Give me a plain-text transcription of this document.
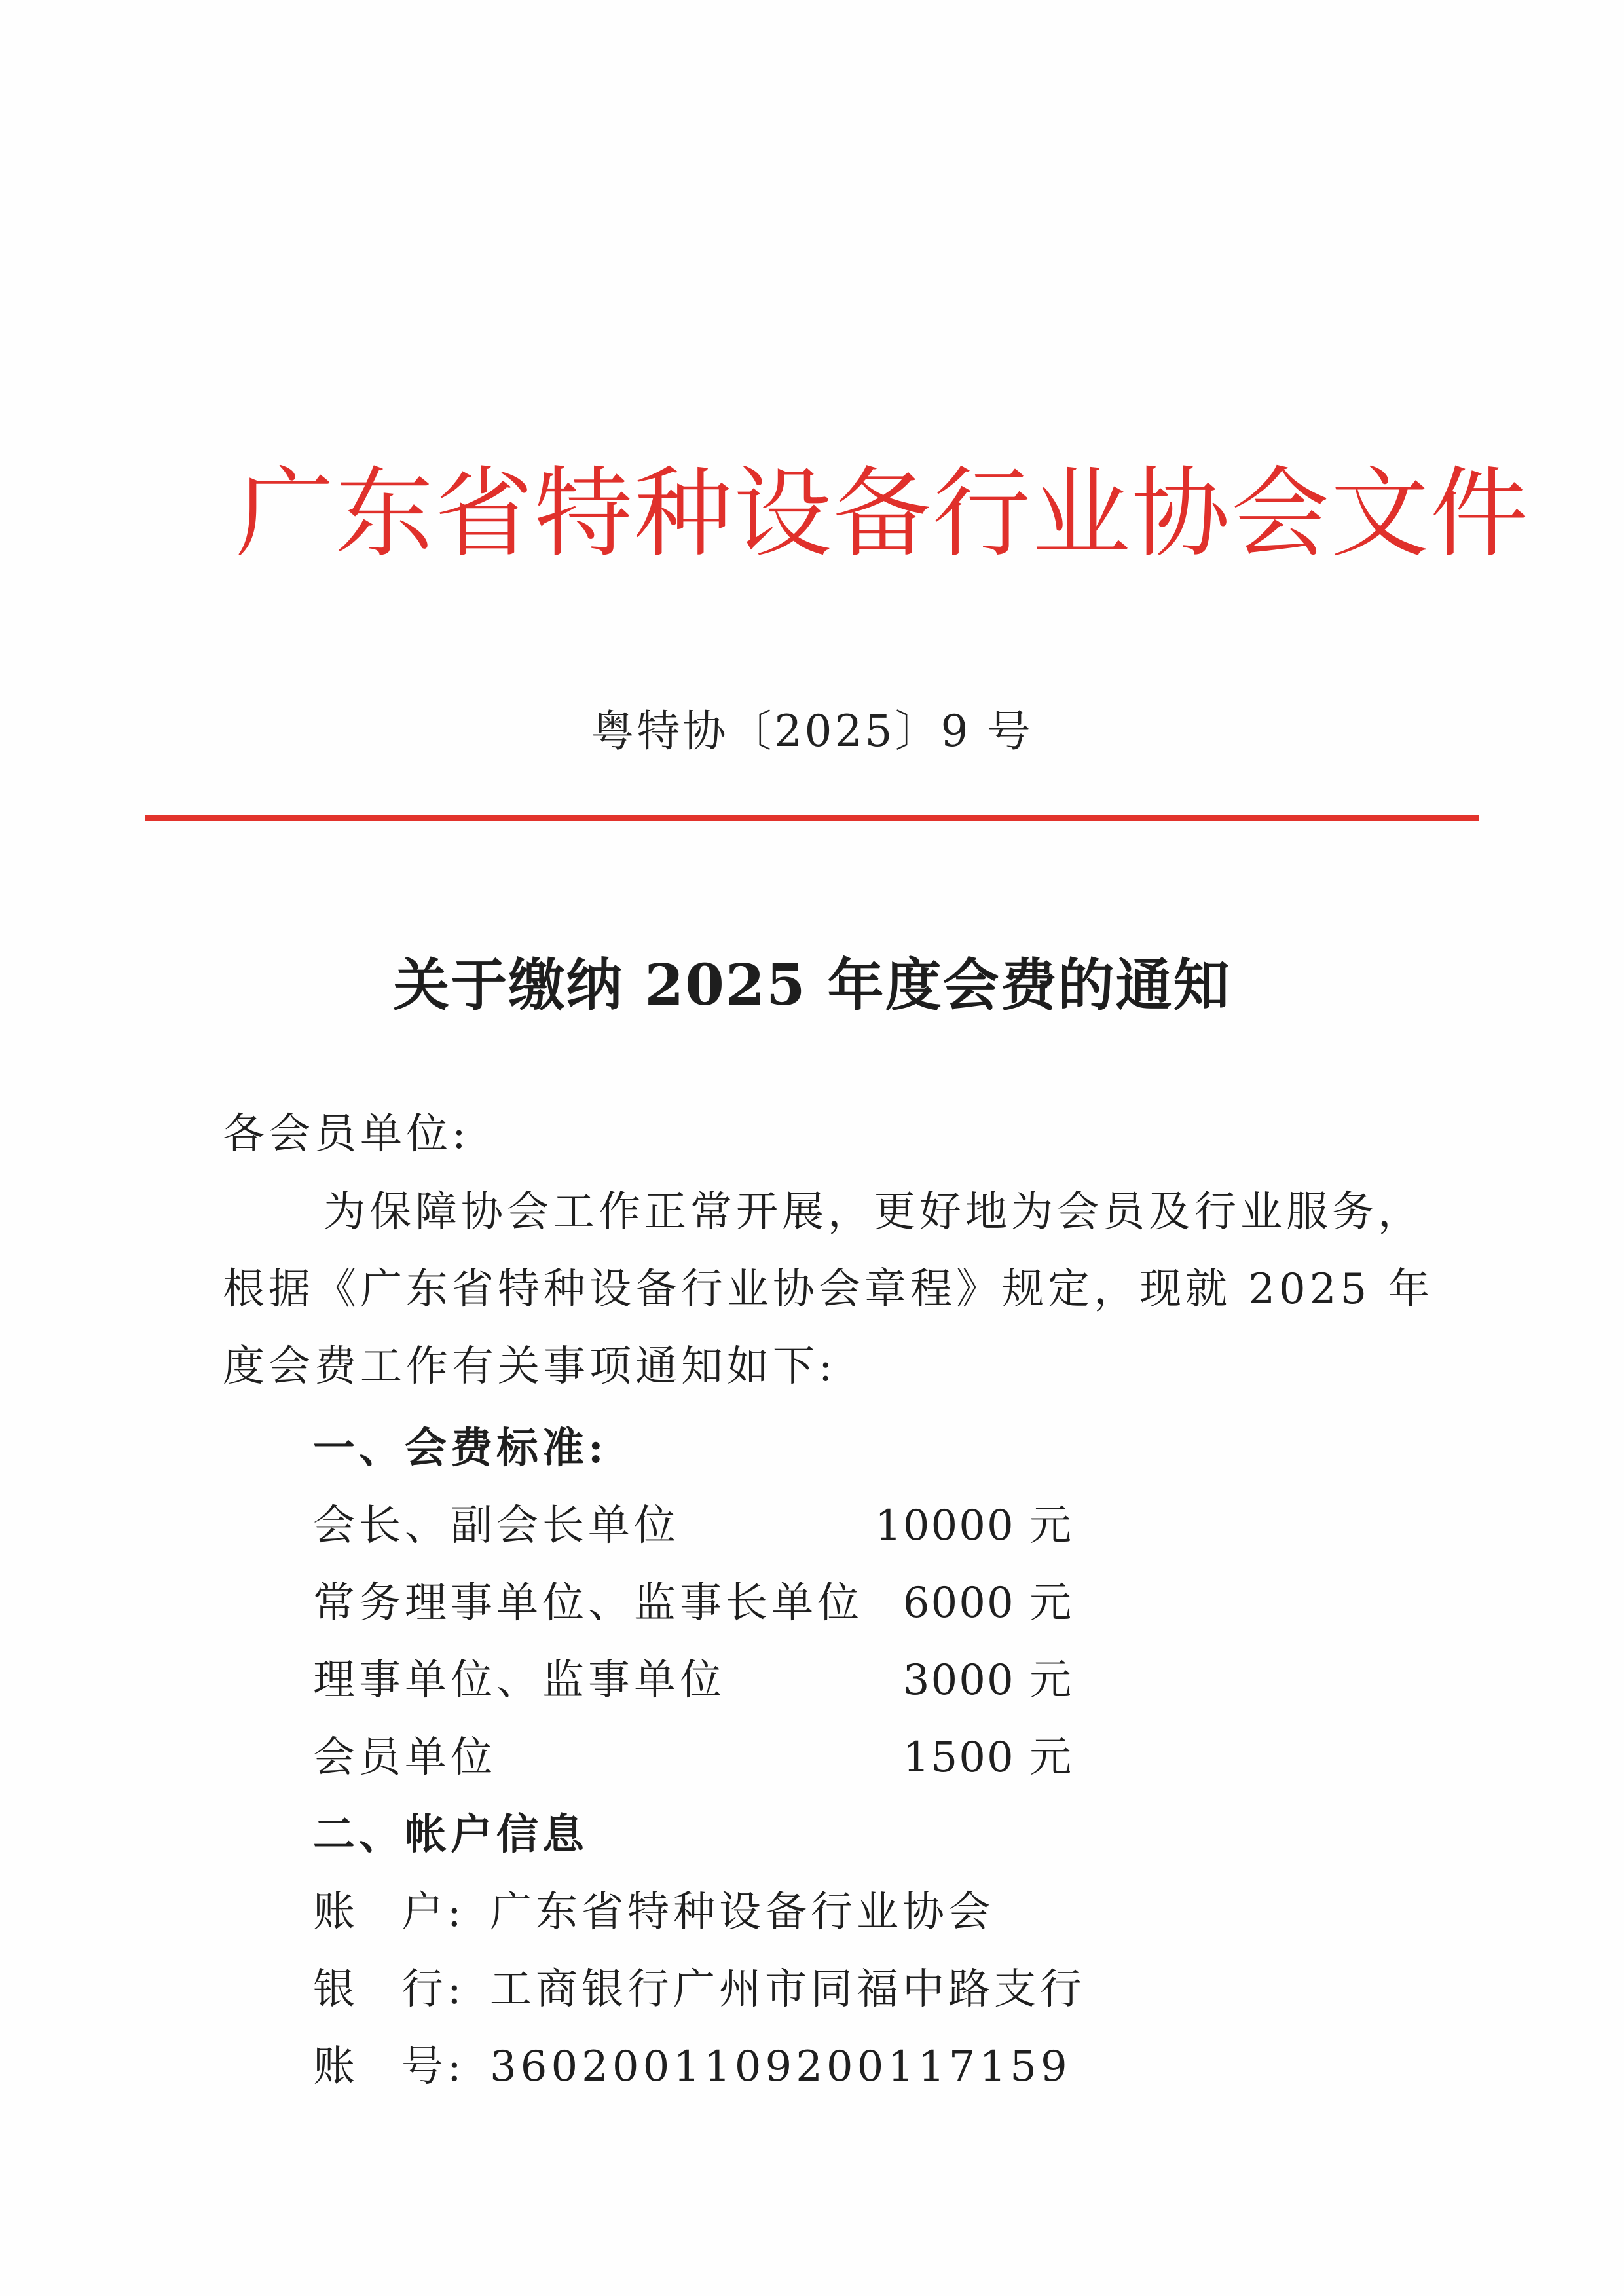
广东省特种设备行业协会文件
粤特协〔2025〕9 号
关于缴纳 2025 年度会费的通知
各会员单位:
为保障协会工作正常开展，更好地为会员及行业服务，根据《广东省特种设备行业协会章程》规定，现就 2025 年度会费工作有关事项通知如下:
一、会费标准:
会长、副会长单位	10000 元
常务理事单位、监事长单位 6000 元
理事单位、监事单位	3000 元
会员单位	1500 元
二、帐户信息
账 户: 广东省特种设备行业协会
银 行: 工商银行广州市同福中路支行
账 号: 3602001109200117159
